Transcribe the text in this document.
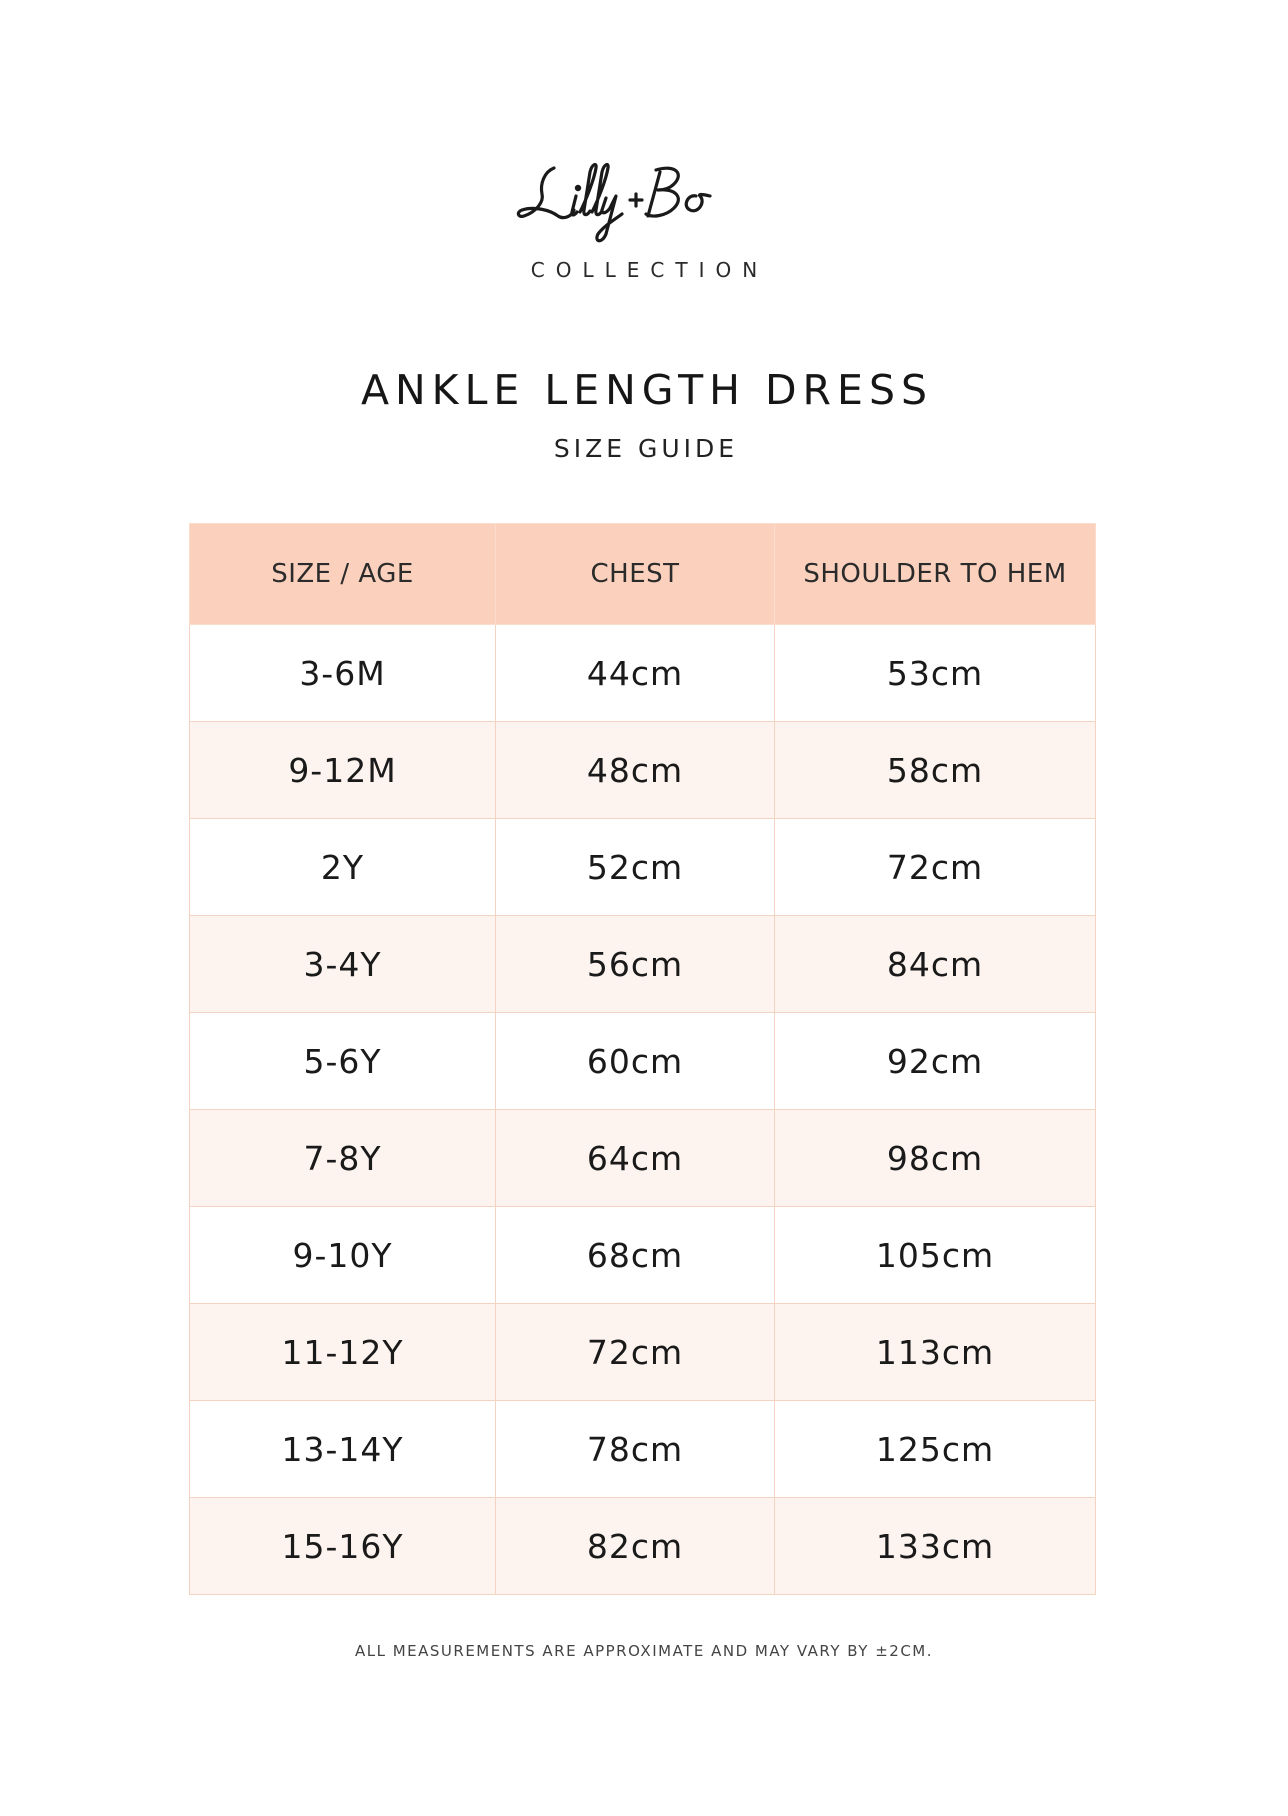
COLLECTION
ANKLE LENGTH DRESS
SIZE GUIDE
SIZE / AGE	CHEST	SHOULDER TO HEM
3-6M	44cm	53cm
9-12M	48cm	58cm
2Y	52cm	72cm
3-4Y	56cm	84cm
5-6Y	60cm	92cm
7-8Y	64cm	98cm
9-10Y	68cm	105cm
11-12Y	72cm	113cm
13-14Y	78cm	125cm
15-16Y	82cm	133cm
ALL MEASUREMENTS ARE APPROXIMATE AND MAY VARY BY ±2CM.
